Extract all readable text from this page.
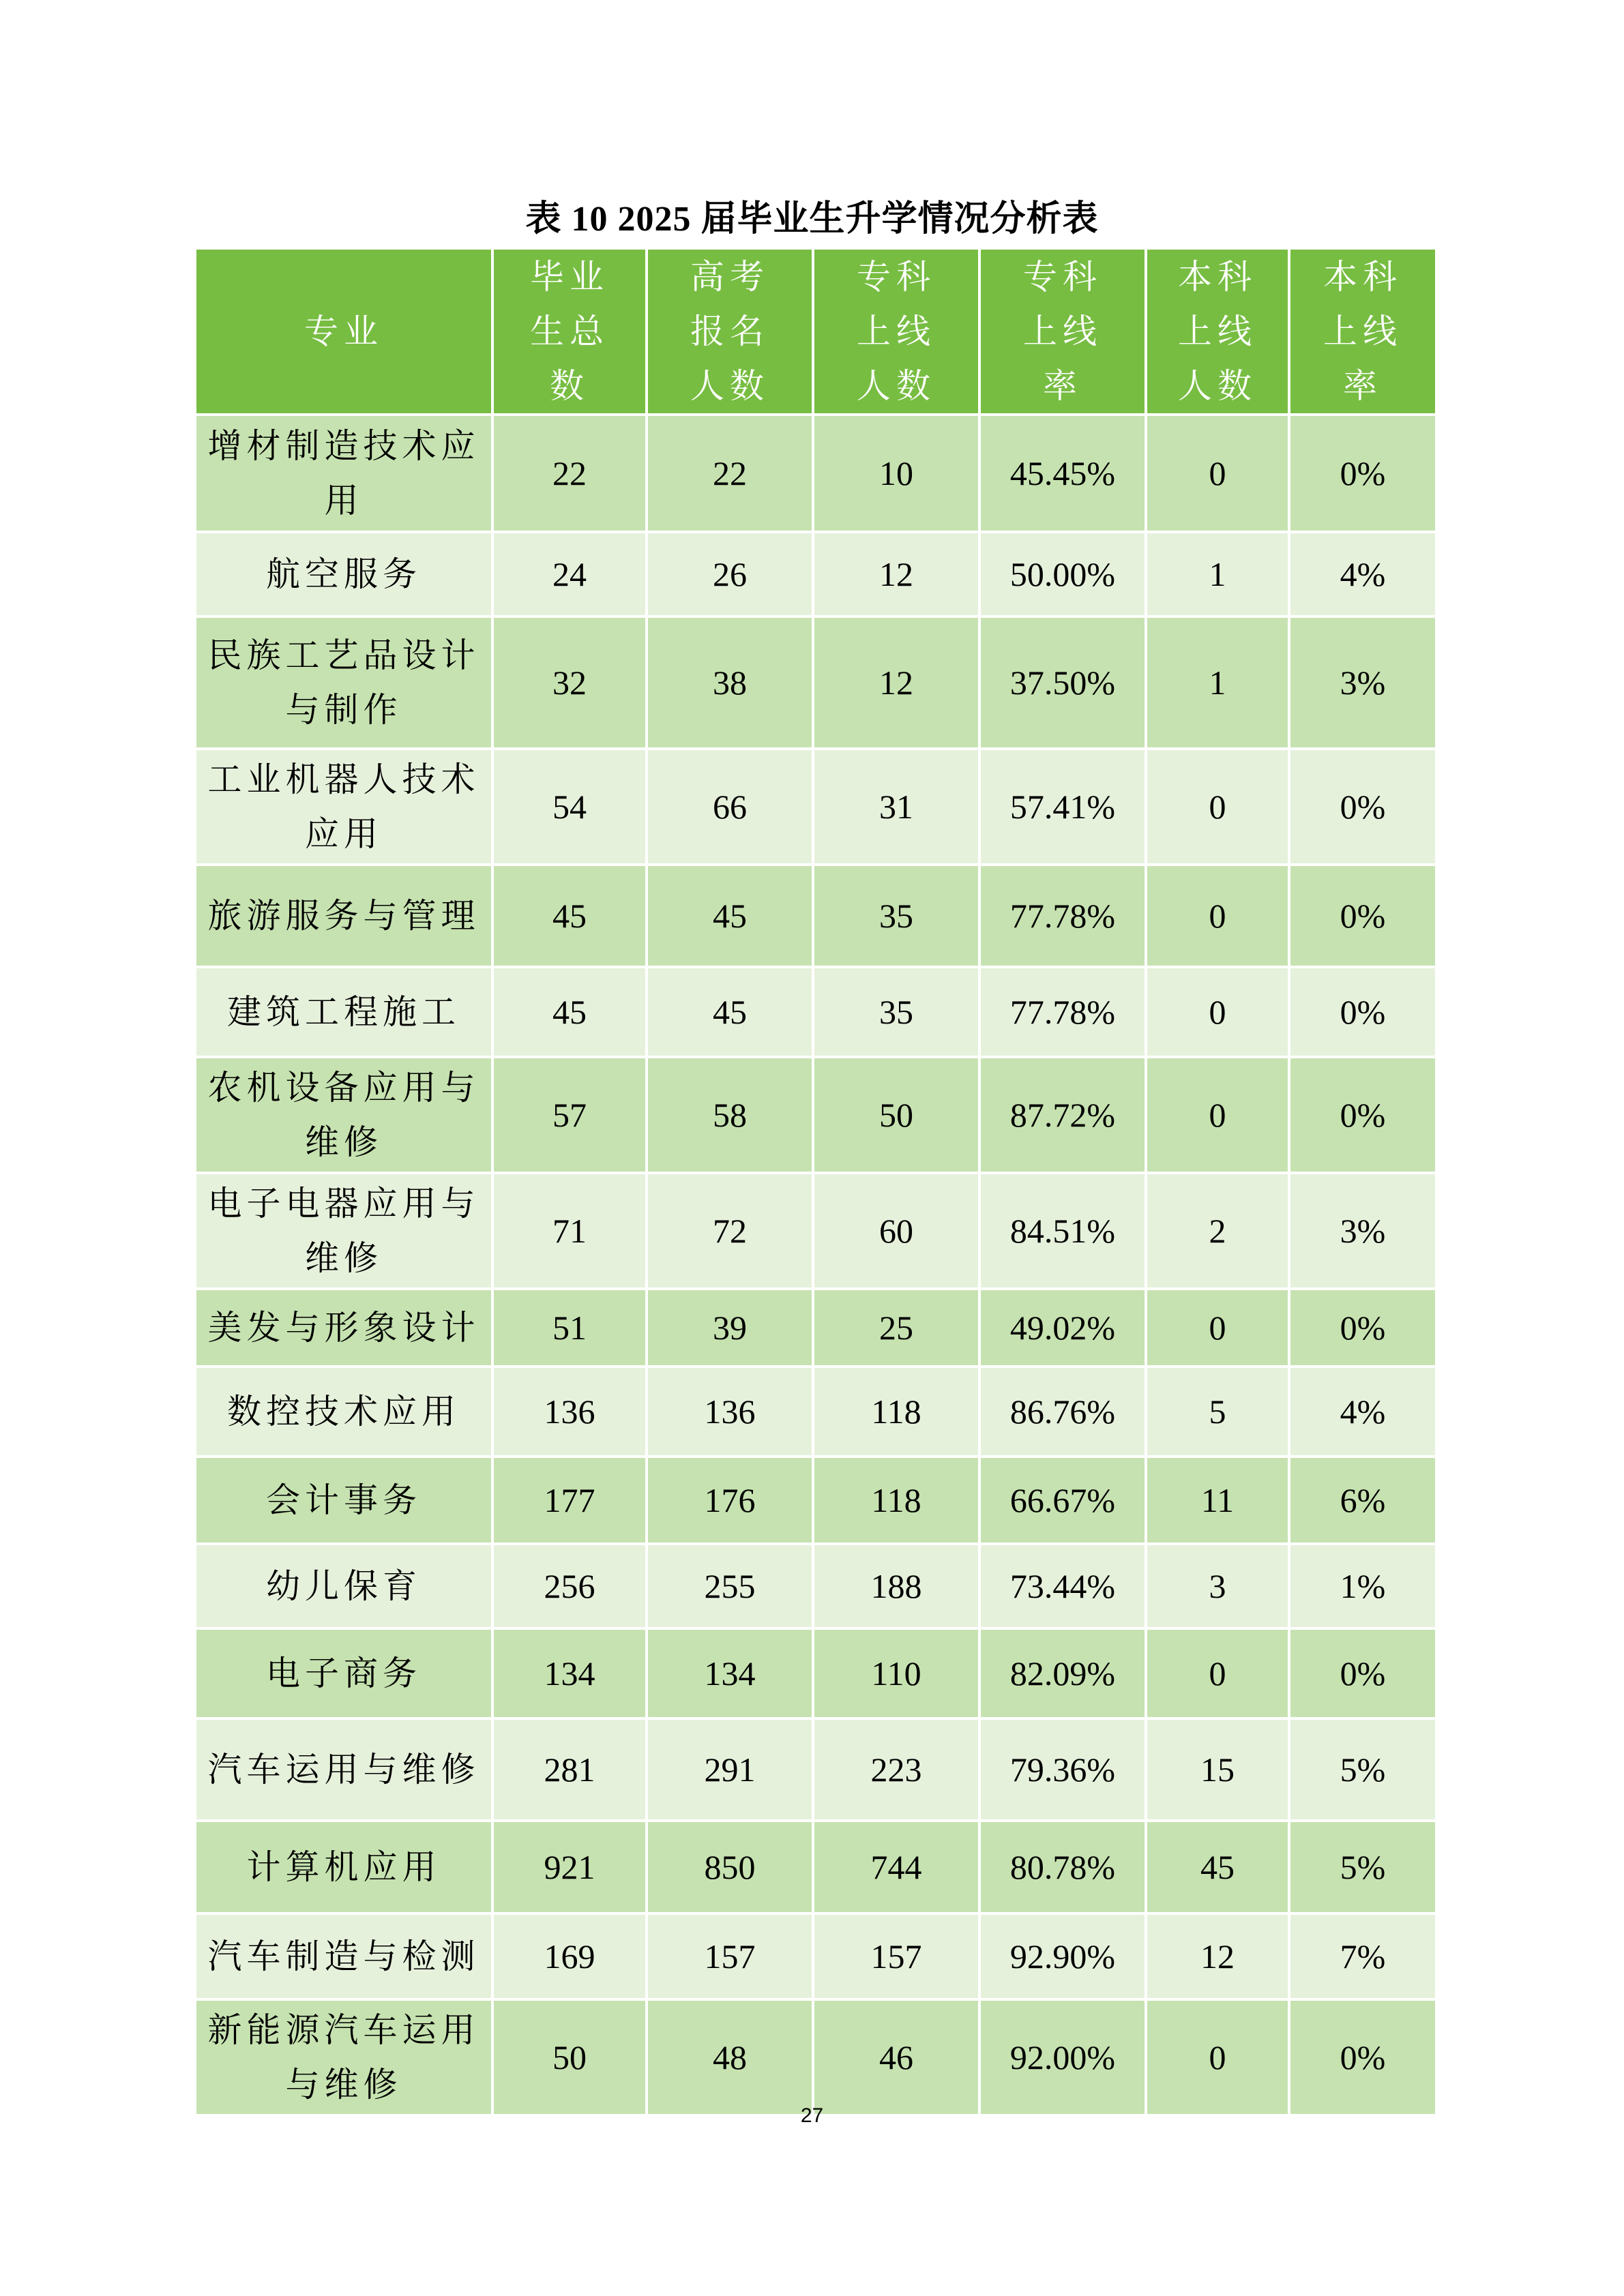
表 10 2025 届毕业生升学情况分析表
专业	毕业生总数	高考报名人数	专科上线人数	专科上线率	本科上线人数	本科上线率
增材制造技术应用	22	22	10	45.45%	0	0%
航空服务	24	26	12	50.00%	1	4%
民族工艺品设计与制作	32	38	12	37.50%	1	3%
工业机器人技术应用	54	66	31	57.41%	0	0%
旅游服务与管理	45	45	35	77.78%	0	0%
建筑工程施工	45	45	35	77.78%	0	0%
农机设备应用与维修	57	58	50	87.72%	0	0%
电子电器应用与维修	71	72	60	84.51%	2	3%
美发与形象设计	51	39	25	49.02%	0	0%
数控技术应用	136	136	118	86.76%	5	4%
会计事务	177	176	118	66.67%	11	6%
幼儿保育	256	255	188	73.44%	3	1%
电子商务	134	134	110	82.09%	0	0%
汽车运用与维修	281	291	223	79.36%	15	5%
计算机应用	921	850	744	80.78%	45	5%
汽车制造与检测	169	157	157	92.90%	12	7%
新能源汽车运用与维修	50	48	46	92.00%	0	0%
27
